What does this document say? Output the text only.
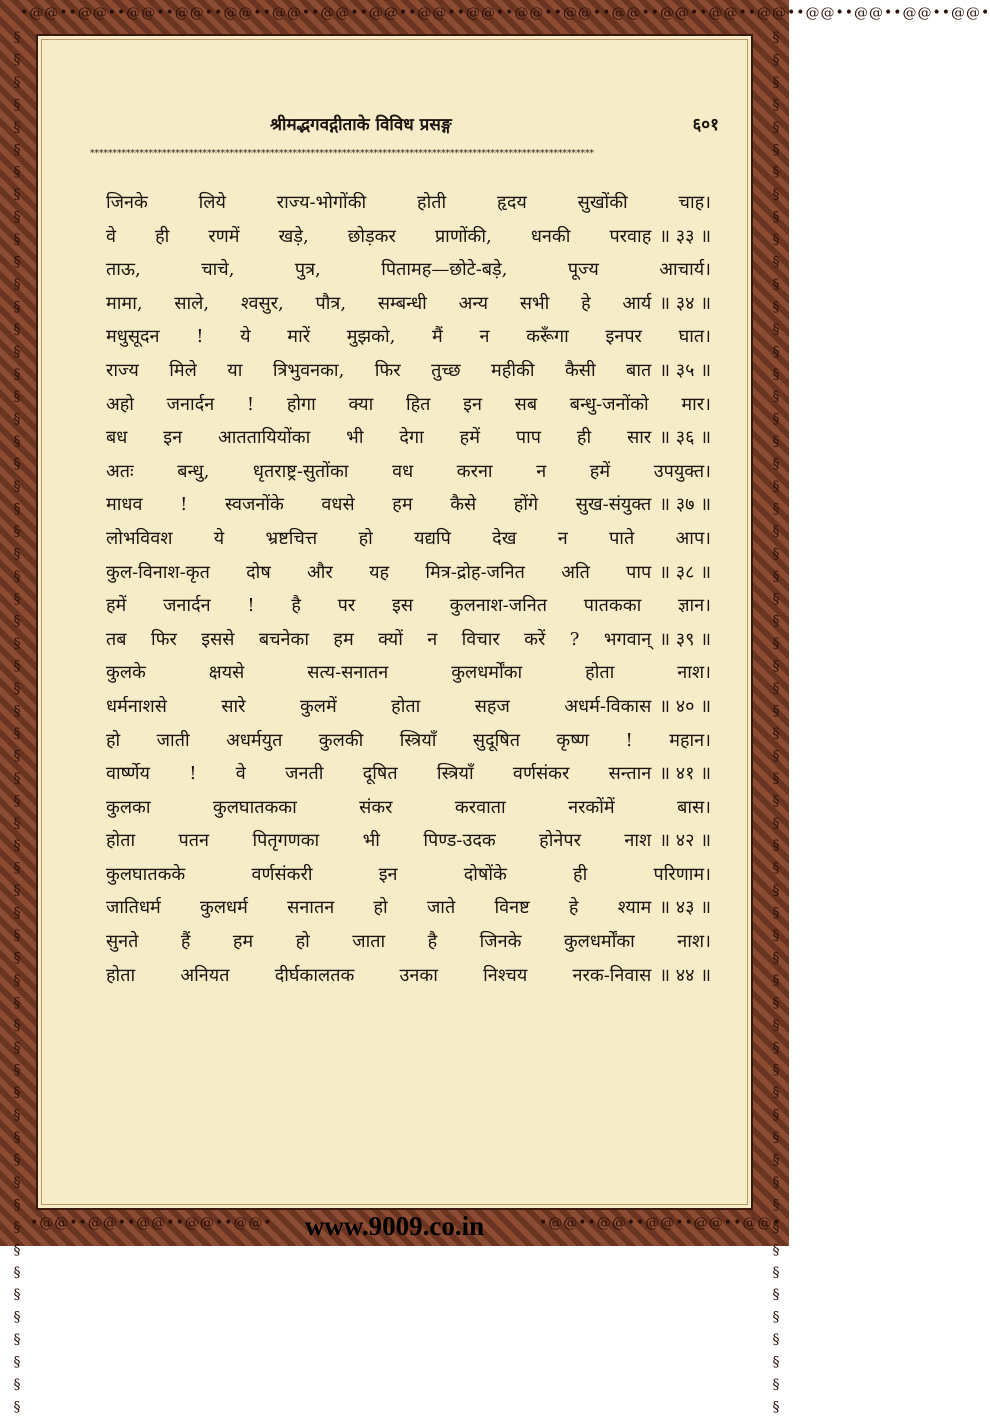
•@@••@@••@@••@@••@@••@@••@@••@@••@@••@@••@@••@@••@@••@@••@@••@@••@@••@@••@@••@@•
§ § § § § § § § § § § § § § § § § § § § § § § § § § § § § § § § § § § § § § § § § § § § § § § § § § § § § § § § § § § § § §	§ § § § § § § § § § § § § § § § § § § § § § § § § § § § § § § § § § § § § § § § § § § § § § § § § § § § § § § § § § § § § §
•@@••@@••@@••@@••@@•	•@@••@@••@@••@@••@@•
श्रीमद्भगवद्गीताके विविध प्रसङ्ग	६०१
****************************************************************************************************************
जिनके लिये राज्य-भोगोंकी होती हृदय सुखोंकी चाह।
वे ही रणमें खड़े, छोड़कर प्राणोंकी, धनकी परवाह ॥ ३३ ॥
ताऊ, चाचे, पुत्र, पितामह—छोटे-बड़े, पूज्य आचार्य।
मामा, साले, श्वसुर, पौत्र, सम्बन्धी अन्य सभी हे आर्य ॥ ३४ ॥
मधुसूदन ! ये मारें मुझको, मैं न करूँगा इनपर घात।
राज्य मिले या त्रिभुवनका, फिर तुच्छ महीकी कैसी बात ॥ ३५ ॥
अहो जनार्दन ! होगा क्या हित इन सब बन्धु-जनोंको मार।
बध इन आततायियोंका भी देगा हमें पाप ही सार ॥ ३६ ॥
अतः बन्धु, धृतराष्ट्र-सुतोंका वध करना न हमें उपयुक्त।
माधव ! स्वजनोंके वधसे हम कैसे होंगे सुख-संयुक्त ॥ ३७ ॥
लोभविवश ये भ्रष्टचित्त हो यद्यपि देख न पाते आप।
कुल-विनाश-कृत दोष और यह मित्र-द्रोह-जनित अति पाप ॥ ३८ ॥
हमें जनार्दन ! है पर इस कुलनाश-जनित पातकका ज्ञान।
तब फिर इससे बचनेका हम क्यों न विचार करें ? भगवान् ॥ ३९ ॥
कुलके क्षयसे सत्य-सनातन कुलधर्मोंका होता नाश।
धर्मनाशसे सारे कुलमें होता सहज अधर्म-विकास ॥ ४० ॥
हो जाती अधर्मयुत कुलकी स्त्रियाँ सुदूषित कृष्ण ! महान।
वार्ष्णेय ! वे जनती दूषित स्त्रियाँ वर्णसंकर सन्तान ॥ ४१ ॥
कुलका कुलघातकका संकर करवाता नरकोंमें बास।
होता पतन पितृगणका भी पिण्ड-उदक होनेपर नाश ॥ ४२ ॥
कुलघातकके वर्णसंकरी इन दोषोंके ही परिणाम।
जातिधर्म कुलधर्म सनातन हो जाते विनष्ट हे श्याम ॥ ४३ ॥
सुनते हैं हम हो जाता है जिनके कुलधर्मोंका नाश।
होता अनियत दीर्घकालतक उनका निश्चय नरक-निवास ॥ ४४ ॥
www.9009.co.in
